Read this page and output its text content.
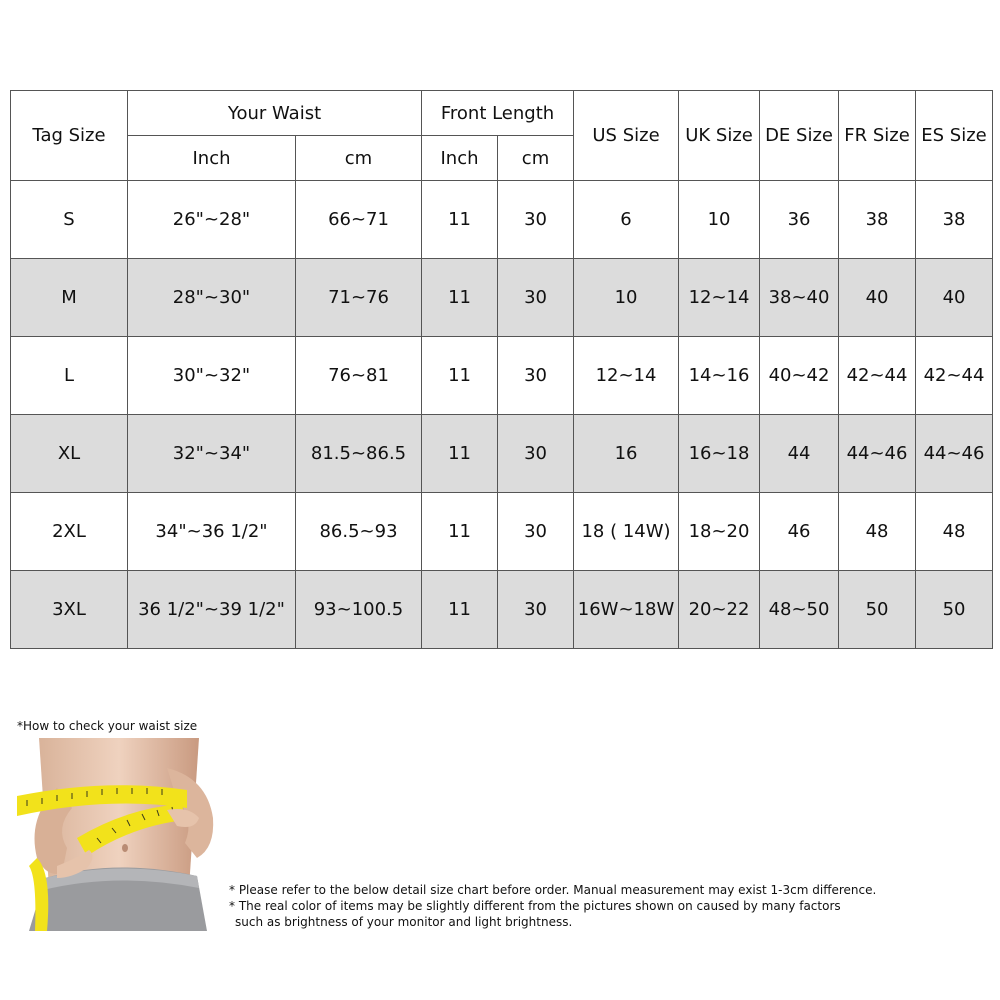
Tag Size	Your Waist		Front Length		US Size	UK Size	DE Size	FR Size	ES Size
	Inch	cm	Inch	cm					
S	26"~28"	66~71	11	30	6	10	36	38	38
M	28"~30"	71~76	11	30	10	12~14	38~40	40	40
L	30"~32"	76~81	11	30	12~14	14~16	40~42	42~44	42~44
XL	32"~34"	81.5~86.5	11	30	16	16~18	44	44~46	44~46
2XL	34"~36 1/2"	86.5~93	11	30	18 ( 14W)	18~20	46	48	48
3XL	36 1/2"~39 1/2"	93~100.5	11	30	16W~18W	20~22	48~50	50	50
*How to check your waist size
* Please refer to the below detail size chart before order. Manual measurement may exist 1-3cm difference.
* The real color of items may be slightly different from the pictures shown on caused by many factors
such as brightness of your monitor and light brightness.
